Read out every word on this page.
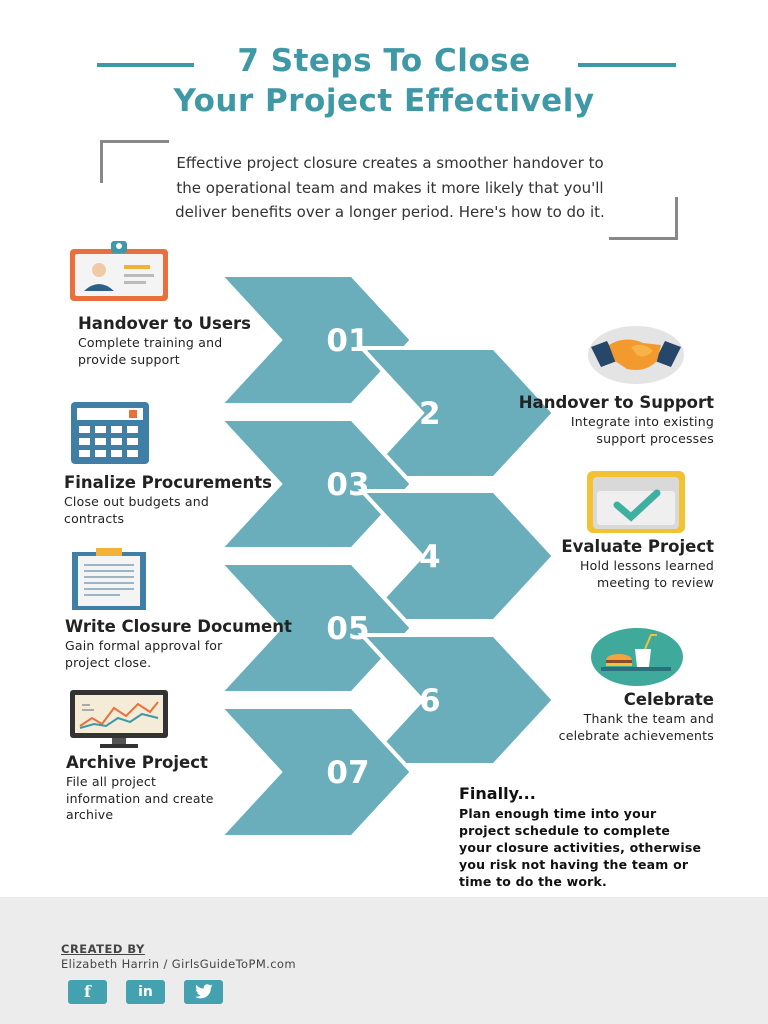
7 Steps To Close
Your Project Effectively
Effective project closure creates a smoother handover to
the operational team and makes it more likely that you'll
deliver benefits over a longer period. Here's how to do it.
01
02
03
04
05
06
07
Handover to Users
Complete training and
provide support
Handover to Support
Integrate into existing
support processes
Finalize Procurements
Close out budgets and
contracts
Evaluate Project
Hold lessons learned
meeting to review
Write Closure Document
Gain formal approval for
project close.
Celebrate
Thank the team and
celebrate achievements
Archive Project
File all project
information and create
archive
Finally...
Plan enough time into your
project schedule to complete
your closure activities, otherwise
you risk not having the team or
time to do the work.
CREATED BY
Elizabeth Harrin / GirlsGuideToPM.com
f	in
